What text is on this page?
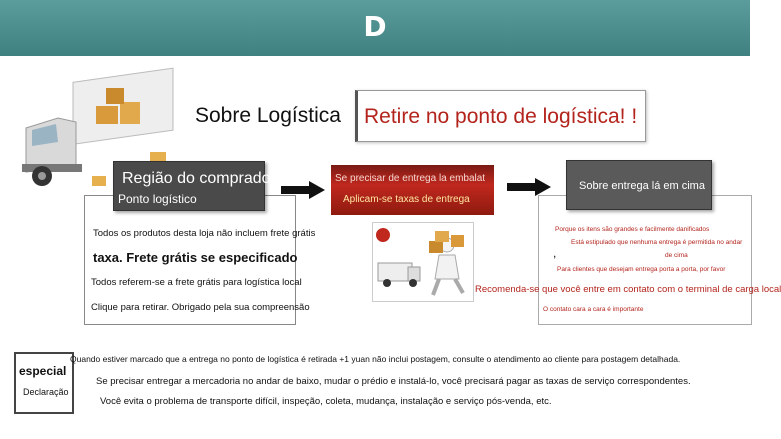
D
Sobre Logística Retire no ponto de logística! !
Todos os produtos desta loja não incluem frete grátis
taxa. Frete grátis se especificado
Todos referem-se a frete grátis para logística local
Clique para retirar. Obrigado pela sua compreensão
Região do comprador
Ponto logístico
Se precisar de entrega la embalat
Aplicam-se taxas de entrega
Porque os itens são grandes e facilmente danificados
Está estipulado que nenhuma entrega é permitida no andar
,	de cima
Para clientes que desejam entrega porta a porta, por favor
Recomenda-se que você entre em contato com o terminal de carga local
O contato cara a cara é importante
Sobre entrega lá em cima
especial
Declaração
Quando estiver marcado que a entrega no ponto de logística é retirada +1 yuan não inclui postagem, consulte o atendimento ao cliente para postagem detalhada.
Se precisar entregar a mercadoria no andar de baixo, mudar o prédio e instalá-lo, você precisará pagar as taxas de serviço correspondentes.
Você evita o problema de transporte difícil, inspeção, coleta, mudança, instalação e serviço pós-venda, etc.
